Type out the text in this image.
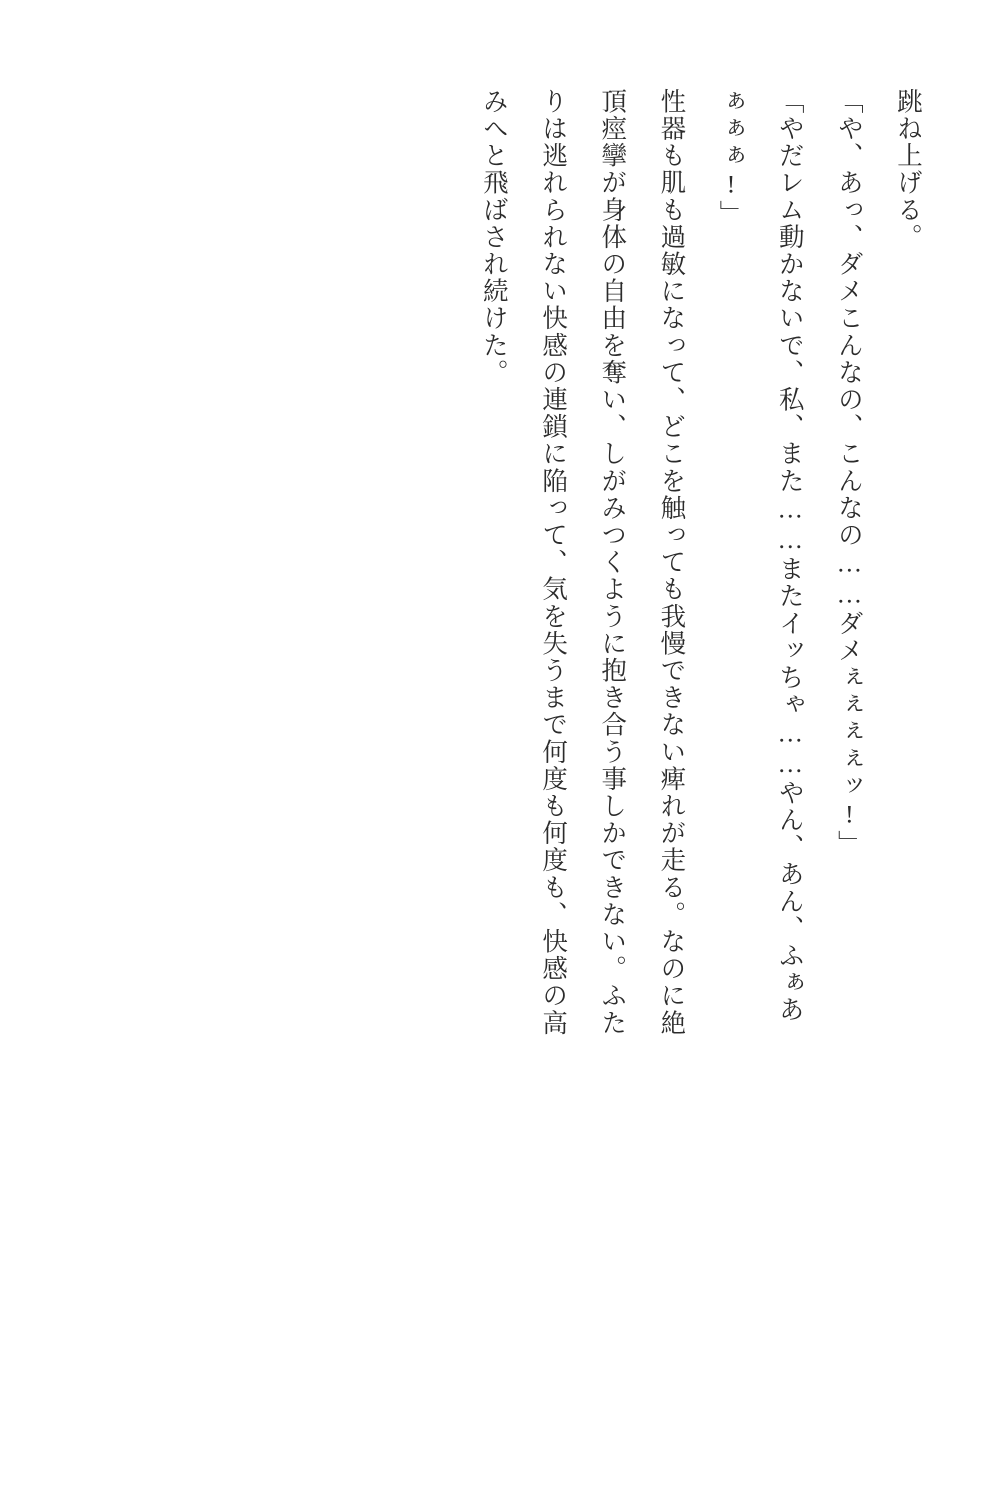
跳ね上げる。

「や、あっ、ダメこんなの、こんなの……ダメぇぇぇぇッ!」

「やだレム動かないで、私、また……またイッちゃ……やん、あん、ふぁあぁぁぁ!」

性器も肌も過敏になって、どこを触っても我慢できない痺れが走る。なのに絶頂痙攣が身体の自由を奪い、しがみつくように抱き合う事しかできない。ふたりは逃れられない快感の連鎖に陥って、気を失うまで何度も何度も、快感の高みへと飛ばされ続けた。
